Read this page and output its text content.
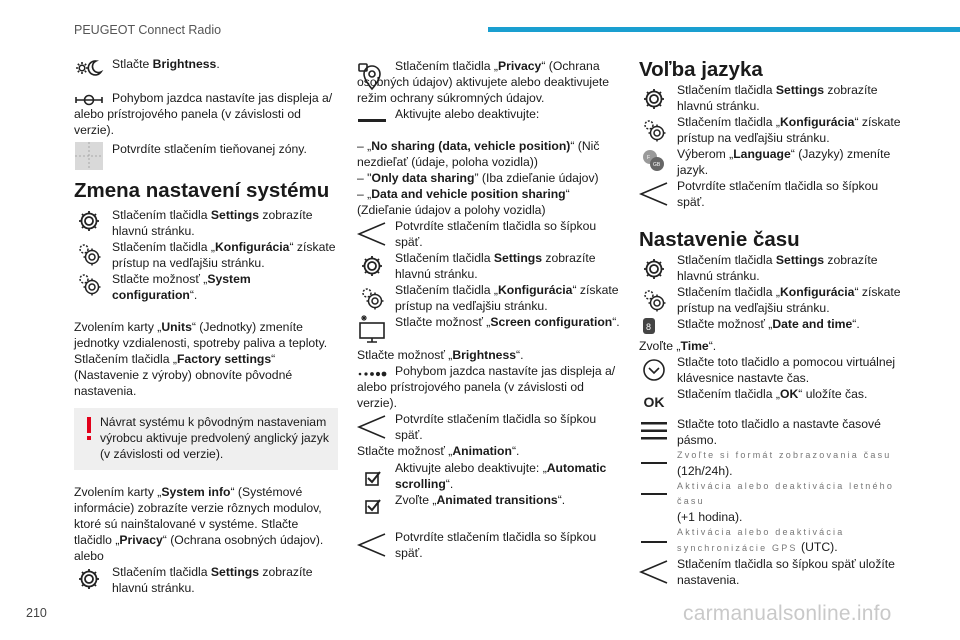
PEUGEOT Connect Radio
Stlačte Brightness.
Pohybom jazdca nastavíte jas displeja a/ alebo prístrojového panela (v závislosti od verzie).
Potvrdíte stlačením tieňovanej zóny.
Zmena nastavení systému
Stlačením tlačidla Settings zobrazíte hlavnú stránku.
Stlačením tlačidla „Konfigurácia“ získate prístup na vedľajšiu stránku.
Stlačte možnosť „System configuration“.

Zvolením karty „Units“ (Jednotky) zmeníte jednotky vzdialenosti, spotreby paliva a teploty. Stlačením tlačidla „Factory settings“ (Nastavenie z výroby) obnovíte pôvodné nastavenia.

Návrat systému k pôvodným nastaveniam výrobcu aktivuje predvolený anglický jazyk (v závislosti od verzie).

Zvolením karty „System info“ (Systémové informácie) zobrazíte verzie rôznych modulov, ktoré sú nainštalované v systéme. Stlačte tlačidlo „Privacy“ (Ochrana osobných údajov).

alebo

Stlačením tlačidla Settings zobrazíte hlavnú stránku.
Stlačením tlačidla „Privacy“ (Ochrana osobných údajov) aktivujete alebo deaktivujete režim ochrany súkromných údajov.
Aktivujte alebo deaktivujte:

– „No sharing (data, vehicle position)“ (Nič nezdieľať (údaje, poloha vozidla))

– "Only data sharing” (Iba zdieľanie údajov)

– „Data and vehicle position sharing“ (Zdieľanie údajov a polohy vozidla)

Potvrdíte stlačením tlačidla so šípkou späť.
Stlačením tlačidla Settings zobrazíte hlavnú stránku.
Stlačením tlačidla „Konfigurácia“ získate prístup na vedľajšiu stránku.
Stlačte možnosť „Screen configuration“.

Stlačte možnosť „Brightness“.

Pohybom jazdca nastavíte jas displeja a/ alebo prístrojového panela (v závislosti od verzie).
Potvrdíte stlačením tlačidla so šípkou späť.

Stlačte možnosť „Animation“.

Aktivujte alebo deaktivujte: „Automatic scrolling“.
Zvoľte „Animated transitions“.
Potvrdíte stlačením tlačidla so šípkou späť.
Voľba jazyka
Stlačením tlačidla Settings zobrazíte hlavnú stránku.
Stlačením tlačidla „Konfigurácia“ získate prístup na vedľajšiu stránku.
F
GB
Výberom „Language“ (Jazyky) zmeníte jazyk.
Potvrdíte stlačením tlačidla so šípkou späť.
Nastavenie času
Stlačením tlačidla Settings zobrazíte hlavnú stránku.
Stlačením tlačidla „Konfigurácia“ získate prístup na vedľajšiu stránku.
8	Stlačte možnosť „Date and time“.

Zvoľte „Time“.

Stlačte toto tlačidlo a pomocou virtuálnej klávesnice nastavte čas.
OK	Stlačením tlačidla „OK“ uložíte čas.
Stlačte toto tlačidlo a nastavte časové pásmo.
Zvoľte si formát zobrazovania času
(12h/24h).
Aktivácia alebo deaktivácia letného času
(+1 hodina).
Aktivácia alebo deaktivácia
synchronizácie GPS (UTC).
Stlačením tlačidla so šípkou späť uložíte nastavenia.
210	carmanualsonline.info
